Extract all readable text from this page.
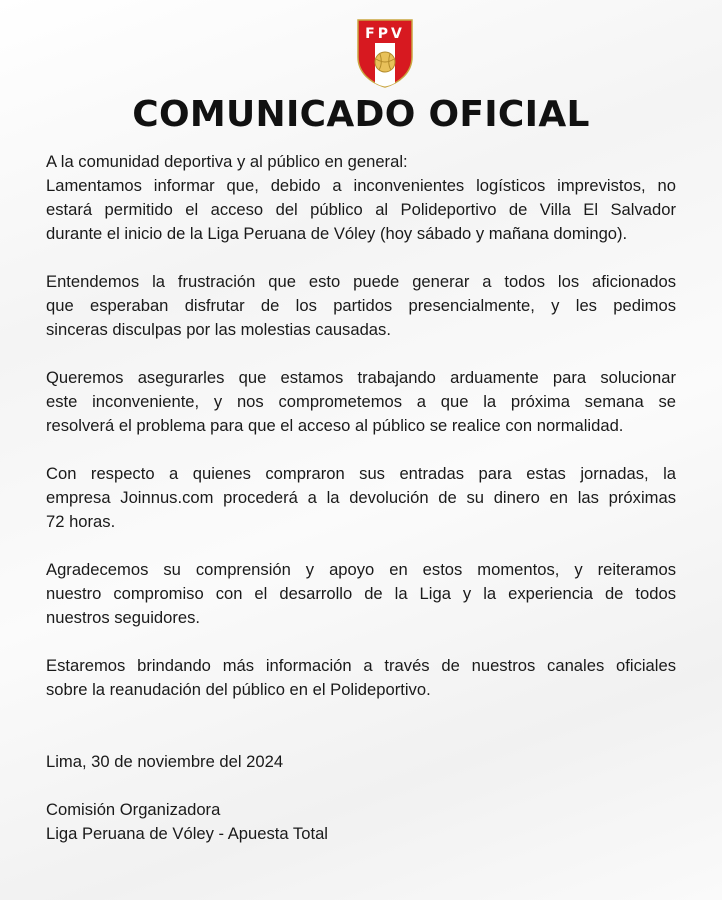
FPV
COMUNICADO OFICIAL

A la comunidad deportiva y al público en general:

Lamentamos informar que, debido a inconvenientes logísticos imprevistos, no
estará permitido el acceso del público al Polideportivo de Villa El Salvador
durante el inicio de la Liga Peruana de Vóley (hoy sábado y mañana domingo).

Entendemos la frustración que esto puede generar a todos los aficionados
que esperaban disfrutar de los partidos presencialmente, y les pedimos
sinceras disculpas por las molestias causadas.

Queremos asegurarles que estamos trabajando arduamente para solucionar
este inconveniente, y nos comprometemos a que la próxima semana se
resolverá el problema para que el acceso al público se realice con normalidad.

Con respecto a quienes compraron sus entradas para estas jornadas, la
empresa Joinnus.com procederá a la devolución de su dinero en las próximas
72 horas.

Agradecemos su comprensión y apoyo en estos momentos, y reiteramos
nuestro compromiso con el desarrollo de la Liga y la experiencia de todos
nuestros seguidores.

Estaremos brindando más información a través de nuestros canales oficiales
sobre la reanudación del público en el Polideportivo.

Lima, 30 de noviembre del 2024

Comisión Organizadora

Liga Peruana de Vóley - Apuesta Total
